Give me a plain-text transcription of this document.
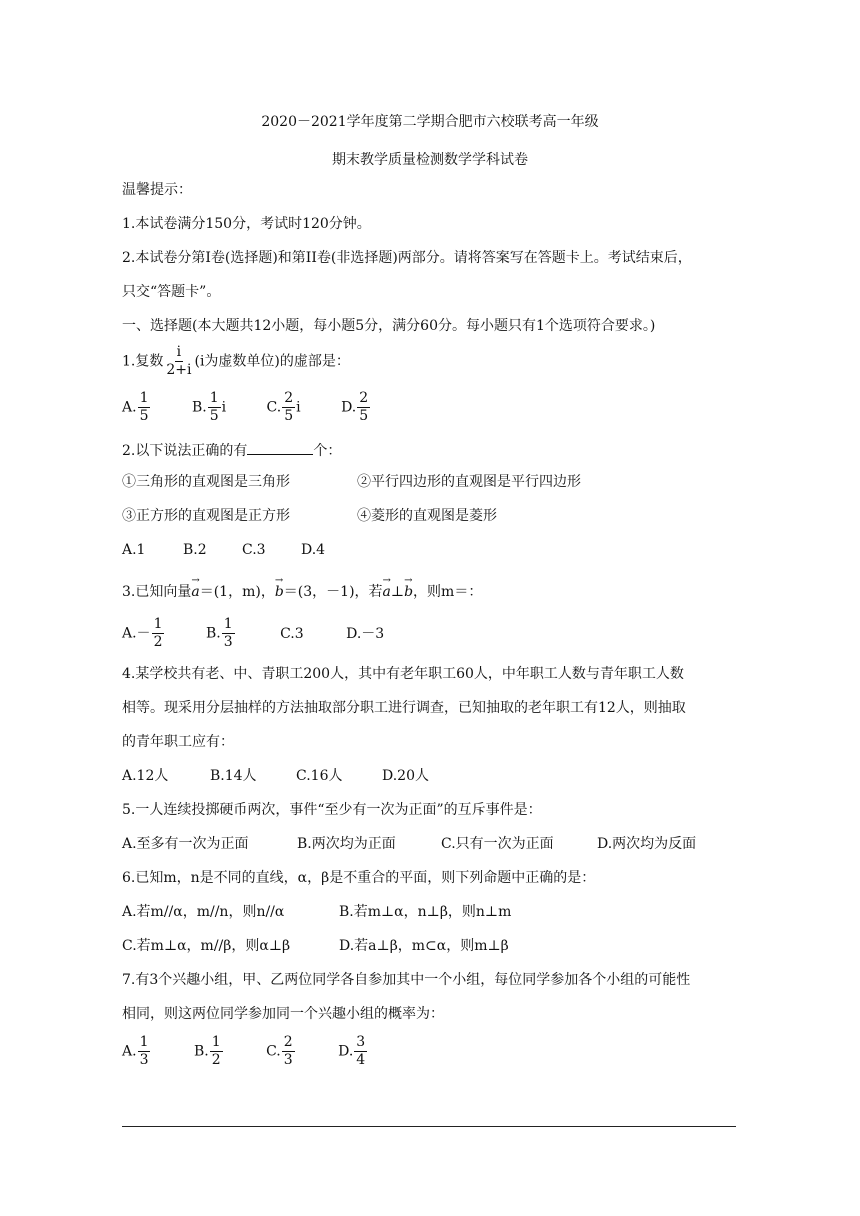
2020－2021学年度第二学期合肥市六校联考高一年级
期末教学质量检测数学学科试卷
温馨提示：
1.本试卷满分150分，考试时120分钟。
2.本试卷分第I卷(选择题)和第II卷(非选择题)两部分。请将答案写在答题卡上。考试结束后，
只交“答题卡”。
一、选择题(本大题共12小题，每小题5分，满分60分。每小题只有1个选项符合要求。)
1.复数 $\frac{i}{2+i} (i$为虚数单位)的虚部是：
A. $\frac{1}{5}$	B. $\frac{1}{5}$ i	C. $\frac{2}{5}$ i	D. $\frac{2}{5}$
2.以下说法正确的有	个：
①三角形的直观图是三角形	②平行四边形的直观图是平行四边形
③正方形的直观图是正方形	④菱形的直观图是菱形
A.1	B.2	C.3	D.4
3.已知向量→ a＝(1，m)，→ b＝(3，－1)，若→ a⊥→ b，则m＝：
$A.- \frac{1}{2}$	B. $\frac{1}{3}$	C.3	D.－3
4.某学校共有老、中、青职工200人，其中有老年职工60人，中年职工人数与青年职工人数
相等。现采用分层抽样的方法抽取部分职工进行调查，已知抽取的老年职工有12人，则抽取
的青年职工应有：
A.12人	B.14人	C.16人	D.20人
5.一人连续投掷硬币两次，事件“至少有一次为正面”的互斥事件是：
A.至多有一次为正面	B.两次均为正面	C.只有一次为正面	D.两次均为反面
6.已知m，n是不同的直线，α，β是不重合的平面，则下列命题中正确的是：
A.若m//α，m//n，则n//α	B.若m⊥α，n⊥β，则n⊥m
C.若m⊥α，m//β，则α⊥β	D.若a⊥β，m⊂α，则m⊥β
7.有3个兴趣小组，甲、乙两位同学各自参加其中一个小组，每位同学参加各个小组的可能性
相同，则这两位同学参加同一个兴趣小组的概率为：
A. $\frac{1}{3}$	B. $\frac{1}{2}$	C. $\frac{2}{3}$	D. $\frac{3}{4}$
